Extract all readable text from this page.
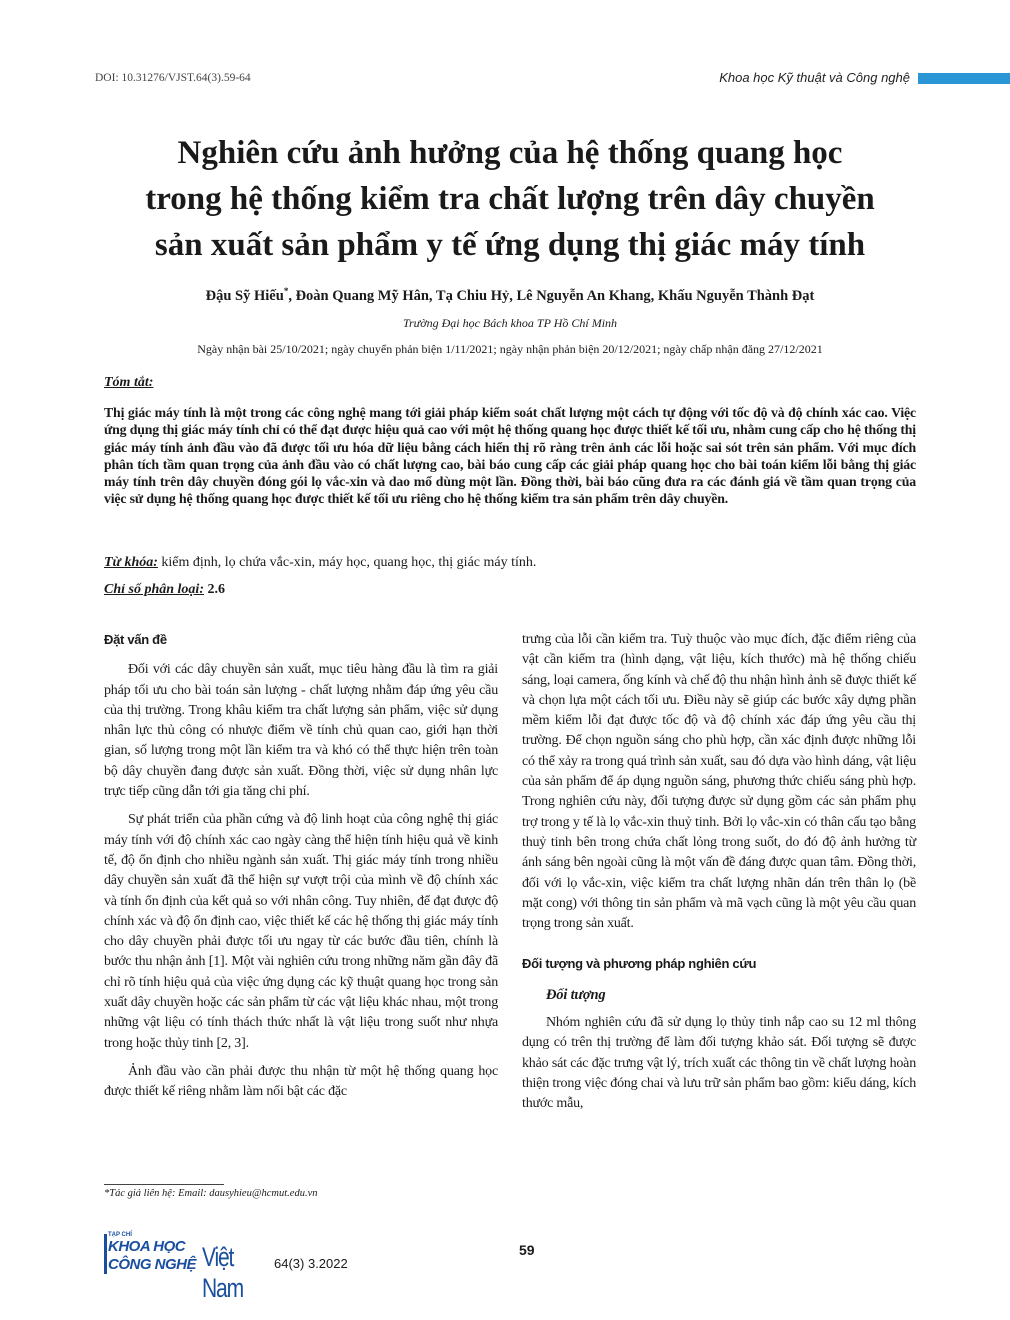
DOI: 10.31276/VJST.64(3).59-64	Khoa học Kỹ thuật và Công nghệ
Nghiên cứu ảnh hưởng của hệ thống quang học
trong hệ thống kiểm tra chất lượng trên dây chuyền
sản xuất sản phẩm y tế ứng dụng thị giác máy tính
Đậu Sỹ Hiếu*, Đoàn Quang Mỹ Hân, Tạ Chiu Hỷ, Lê Nguyễn An Khang, Khấu Nguyễn Thành Đạt
Trường Đại học Bách khoa TP Hồ Chí Minh
Ngày nhận bài 25/10/2021; ngày chuyển phản biện 1/11/2021; ngày nhận phản biện 20/12/2021; ngày chấp nhận đăng 27/12/2021
Tóm tắt:
Thị giác máy tính là một trong các công nghệ mang tới giải pháp kiểm soát chất lượng một cách tự động với tốc độ và độ chính xác cao. Việc ứng dụng thị giác máy tính chỉ có thể đạt được hiệu quả cao với một hệ thống quang học được thiết kế tối ưu, nhằm cung cấp cho hệ thống thị giác máy tính ảnh đầu vào đã được tối ưu hóa dữ liệu bằng cách hiển thị rõ ràng trên ảnh các lỗi hoặc sai sót trên sản phẩm. Với mục đích phân tích tầm quan trọng của ảnh đầu vào có chất lượng cao, bài báo cung cấp các giải pháp quang học cho bài toán kiểm lỗi bằng thị giác máy tính trên dây chuyền đóng gói lọ vắc-xin và dao mổ dùng một lần. Đồng thời, bài báo cũng đưa ra các đánh giá về tầm quan trọng của việc sử dụng hệ thống quang học được thiết kế tối ưu riêng cho hệ thống kiểm tra sản phẩm trên dây chuyền.
Từ khóa: kiểm định, lọ chứa vắc-xin, máy học, quang học, thị giác máy tính.
Chỉ số phân loại: 2.6
Đặt vấn đề

Đối với các dây chuyền sản xuất, mục tiêu hàng đầu là tìm ra giải pháp tối ưu cho bài toán sản lượng - chất lượng nhằm đáp ứng yêu cầu của thị trường. Trong khâu kiểm tra chất lượng sản phẩm, việc sử dụng nhân lực thủ công có nhược điểm về tính chủ quan cao, giới hạn thời gian, số lượng trong một lần kiểm tra và khó có thể thực hiện trên toàn bộ dây chuyền đang được sản xuất. Đồng thời, việc sử dụng nhân lực trực tiếp cũng dẫn tới gia tăng chi phí.

Sự phát triển của phần cứng và độ linh hoạt của công nghệ thị giác máy tính với độ chính xác cao ngày càng thể hiện tính hiệu quả về kinh tế, độ ổn định cho nhiều ngành sản xuất. Thị giác máy tính trong nhiều dây chuyền sản xuất đã thể hiện sự vượt trội của mình về độ chính xác và tính ổn định của kết quả so với nhân công. Tuy nhiên, để đạt được độ chính xác và độ ổn định cao, việc thiết kế các hệ thống thị giác máy tính cho dây chuyền phải được tối ưu ngay từ các bước đầu tiên, chính là bước thu nhận ảnh [1]. Một vài nghiên cứu trong những năm gần đây đã chỉ rõ tính hiệu quả của việc ứng dụng các kỹ thuật quang học trong sản xuất dây chuyền hoặc các sản phẩm từ các vật liệu khác nhau, một trong những vật liệu có tính thách thức nhất là vật liệu trong suốt như nhựa trong hoặc thủy tinh [2, 3].

Ảnh đầu vào cần phải được thu nhận từ một hệ thống quang học được thiết kế riêng nhằm làm nổi bật các đặc

trưng của lỗi cần kiểm tra. Tuỳ thuộc vào mục đích, đặc điểm riêng của vật cần kiểm tra (hình dạng, vật liệu, kích thước) mà hệ thống chiếu sáng, loại camera, ống kính và chế độ thu nhận hình ảnh sẽ được thiết kế và chọn lựa một cách tối ưu. Điều này sẽ giúp các bước xây dựng phần mềm kiểm lỗi đạt được tốc độ và độ chính xác đáp ứng yêu cầu thị trường. Để chọn nguồn sáng cho phù hợp, cần xác định được những lỗi có thể xảy ra trong quá trình sản xuất, sau đó dựa vào hình dáng, vật liệu của sản phẩm để áp dụng nguồn sáng, phương thức chiếu sáng phù hợp. Trong nghiên cứu này, đối tượng được sử dụng gồm các sản phẩm phụ trợ trong y tế là lọ vắc-xin thuỷ tinh. Bởi lọ vắc-xin có thân cấu tạo bằng thuỷ tinh bên trong chứa chất lỏng trong suốt, do đó độ ảnh hưởng từ ánh sáng bên ngoài cũng là một vấn đề đáng được quan tâm. Đồng thời, đối với lọ vắc-xin, việc kiểm tra chất lượng nhãn dán trên thân lọ (bề mặt cong) với thông tin sản phẩm và mã vạch cũng là một yêu cầu quan trọng trong sản xuất.

Đối tượng và phương pháp nghiên cứu
Đối tượng

Nhóm nghiên cứu đã sử dụng lọ thủy tinh nắp cao su 12 ml thông dụng có trên thị trường để làm đối tượng khảo sát. Đối tượng sẽ được khảo sát các đặc trưng vật lý, trích xuất các thông tin về chất lượng hoàn thiện trong việc đóng chai và lưu trữ sản phẩm bao gồm: kiểu dáng, kích thước mẫu,

*Tác giả liên hệ: Email: dausyhieu@hcmut.edu.vn
TẠP CHÍ
KHOA HỌC
CÔNG NGHỆ Việt Nam
64(3) 3.2022
59
